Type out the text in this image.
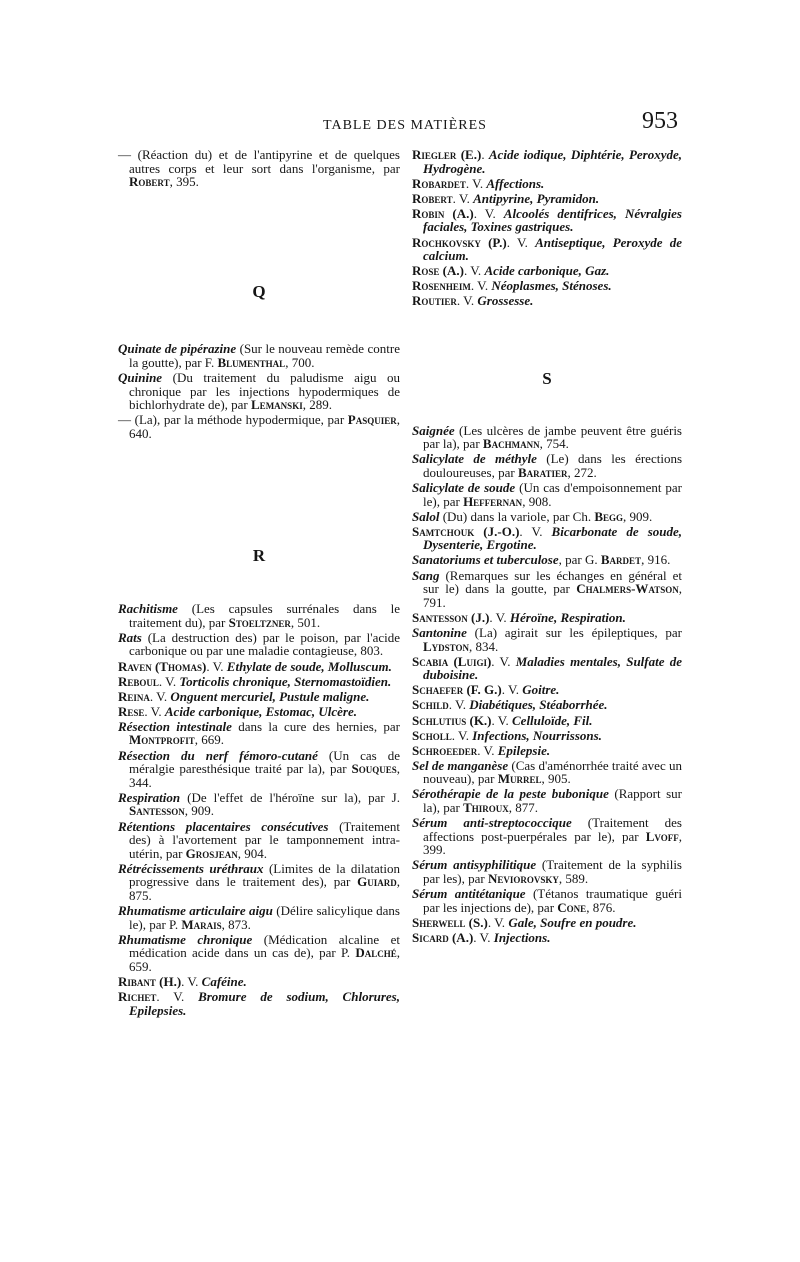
TABLE DES MATIÈRES	953

— (Réaction du) et de l'antipyrine et de quelques autres corps et leur sort dans l'organisme, par Robert, 395.

Q

Quinate de pipérazine (Sur le nouveau remède contre la goutte), par F. Blumenthal, 700.

Quinine (Du traitement du paludisme aigu ou chronique par les injections hypodermiques de bichlorhydrate de), par Lemanski, 289.

— (La), par la méthode hypodermique, par Pasquier, 640.

R

Rachitisme (Les capsules surrénales dans le traitement du), par Stoeltzner, 501.

Rats (La destruction des) par le poison, par l'acide carbonique ou par une maladie contagieuse, 803.

Raven (Thomas). V. Ethylate de soude, Molluscum.

Reboul. V. Torticolis chronique, Sternomastoïdien.

Reina. V. Onguent mercuriel, Pustule maligne.

Rese. V. Acide carbonique, Estomac, Ulcère.

Résection intestinale dans la cure des hernies, par Montprofit, 669.

Résection du nerf fémoro-cutané (Un cas de méralgie paresthésique traité par la), par Souques, 344.

Respiration (De l'effet de l'héroïne sur la), par J. Santesson, 909.

Rétentions placentaires consécutives (Traitement des) à l'avortement par le tamponnement intra-utérin, par Grosjean, 904.

Rétrécissements uréthraux (Limites de la dilatation progressive dans le traitement des), par Guiard, 875.

Rhumatisme articulaire aigu (Délire salicylique dans le), par P. Marais, 873.

Rhumatisme chronique (Médication alcaline et médication acide dans un cas de), par P. Dalché, 659.

Ribant (H.). V. Caféine.

Richet. V. Bromure de sodium, Chlorures, Epilepsies.

Riegler (E.). Acide iodique, Diphtérie, Peroxyde, Hydrogène.

Robardet. V. Affections.

Robert. V. Antipyrine, Pyramidon.

Robin (A.). V. Alcoolés dentifrices, Névralgies faciales, Toxines gastriques.

Rochkovsky (P.). V. Antiseptique, Peroxyde de calcium.

Rose (A.). V. Acide carbonique, Gaz.

Rosenheim. V. Néoplasmes, Sténoses.

Routier. V. Grossesse.

S

Saignée (Les ulcères de jambe peuvent être guéris par la), par Bachmann, 754.

Salicylate de méthyle (Le) dans les érections douloureuses, par Baratier, 272.

Salicylate de soude (Un cas d'empoisonnement par le), par Heffernan, 908.

Salol (Du) dans la variole, par Ch. Begg, 909.

Samtchouk (J.-O.). V. Bicarbonate de soude, Dysenterie, Ergotine.

Sanatoriums et tuberculose, par G. Bardet, 916.

Sang (Remarques sur les échanges en général et sur le) dans la goutte, par Chalmers-Watson, 791.

Santesson (J.). V. Héroïne, Respiration.

Santonine (La) agirait sur les épileptiques, par Lydston, 834.

Scabia (Luigi). V. Maladies mentales, Sulfate de duboisine.

Schaefer (F. G.). V. Goitre.

Schild. V. Diabétiques, Stéaborrhée.

Schlutius (K.). V. Celluloïde, Fil.

Scholl. V. Infections, Nourrissons.

Schroeeder. V. Epilepsie.

Sel de manganèse (Cas d'aménorrhée traité avec un nouveau), par Murrel, 905.

Sérothérapie de la peste bubonique (Rapport sur la), par Thiroux, 877.

Sérum anti-streptococcique (Traitement des affections post-puerpérales par le), par Lvoff, 399.

Sérum antisyphilitique (Traitement de la syphilis par les), par Neviorovsky, 589.

Sérum antitétanique (Tétanos traumatique guéri par les injections de), par Cone, 876.

Sherwell (S.). V. Gale, Soufre en poudre.

Sicard (A.). V. Injections.
